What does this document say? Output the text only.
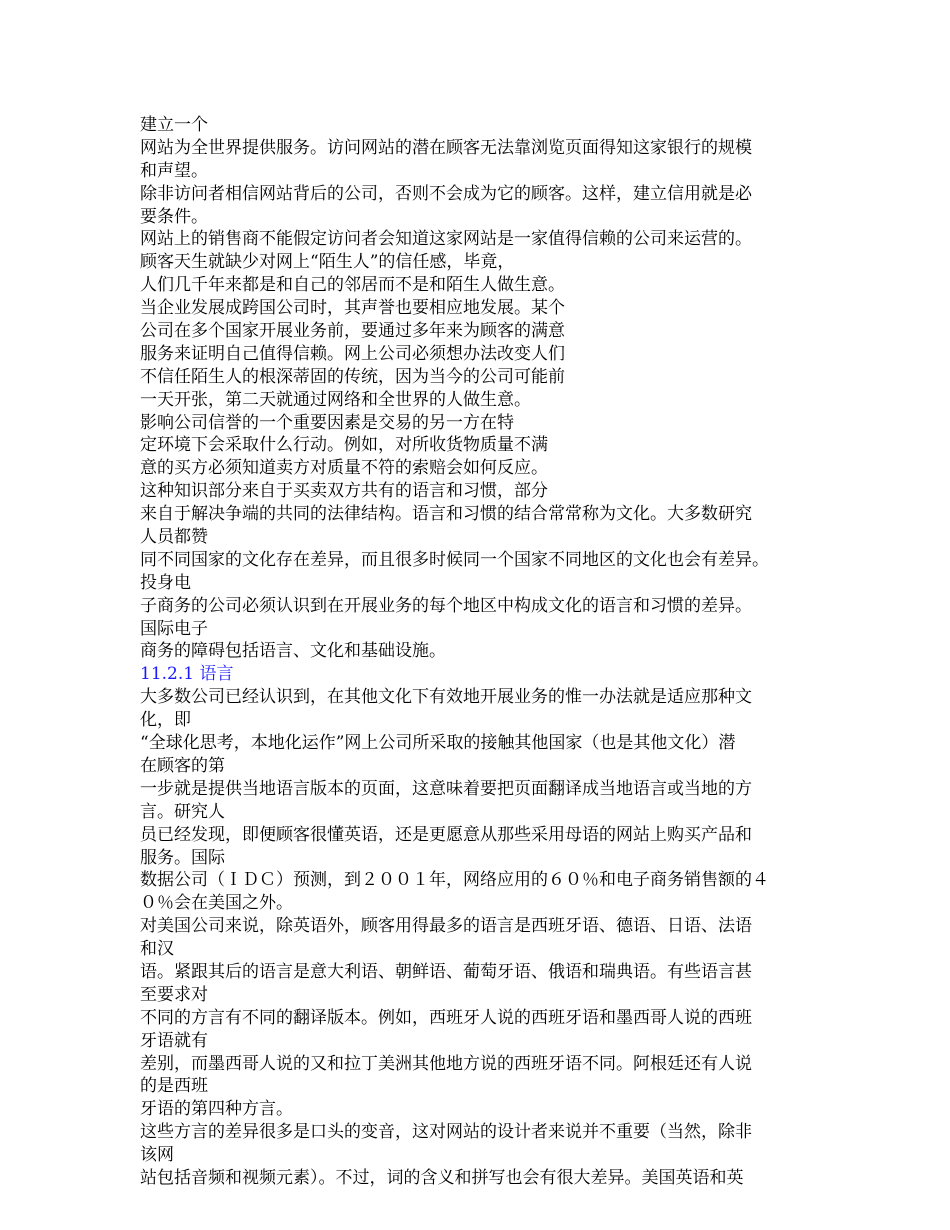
建立一个
网站为全世界提供服务。访问网站的潜在顾客无法靠浏览页面得知这家银行的规模
和声望。
除非访问者相信网站背后的公司，否则不会成为它的顾客。这样，建立信用就是必
要条件。
网站上的销售商不能假定访问者会知道这家网站是一家值得信赖的公司来运营的。
顾客天生就缺少对网上“陌生人”的信任感，毕竟，
人们几千年来都是和自己的邻居而不是和陌生人做生意。
当企业发展成跨国公司时，其声誉也要相应地发展。某个
公司在多个国家开展业务前，要通过多年来为顾客的满意
服务来证明自己值得信赖。网上公司必须想办法改变人们
不信任陌生人的根深蒂固的传统，因为当今的公司可能前
一天开张，第二天就通过网络和全世界的人做生意。
影响公司信誉的一个重要因素是交易的另一方在特
定环境下会采取什么行动。例如，对所收货物质量不满
意的买方必须知道卖方对质量不符的索赔会如何反应。
这种知识部分来自于买卖双方共有的语言和习惯，部分
来自于解决争端的共同的法律结构。语言和习惯的结合常常称为文化。大多数研究
人员都赞
同不同国家的文化存在差异，而且很多时候同一个国家不同地区的文化也会有差异。
投身电
子商务的公司必须认识到在开展业务的每个地区中构成文化的语言和习惯的差异。
国际电子
商务的障碍包括语言、文化和基础设施。
11.2.1 语言
大多数公司已经认识到，在其他文化下有效地开展业务的惟一办法就是适应那种文
化，即
“全球化思考，本地化运作”网上公司所采取的接触其他国家（也是其他文化）潜
在顾客的第
一步就是提供当地语言版本的页面，这意味着要把页面翻译成当地语言或当地的方
言。研究人
员已经发现，即便顾客很懂英语，还是更愿意从那些采用母语的网站上购买产品和
服务。国际
数据公司（ＩＤＣ）预测，到２００１年，网络应用的６０％和电子商务销售额的４
０％会在美国之外。
对美国公司来说，除英语外，顾客用得最多的语言是西班牙语、德语、日语、法语
和汉
语。紧跟其后的语言是意大利语、朝鲜语、葡萄牙语、俄语和瑞典语。有些语言甚
至要求对
不同的方言有不同的翻译版本。例如，西班牙人说的西班牙语和墨西哥人说的西班
牙语就有
差别，而墨西哥人说的又和拉丁美洲其他地方说的西班牙语不同。阿根廷还有人说
的是西班
牙语的第四种方言。
这些方言的差异很多是口头的变音，这对网站的设计者来说并不重要（当然，除非
该网
站包括音频和视频元素）。不过，词的含义和拼写也会有很大差异。美国英语和英
